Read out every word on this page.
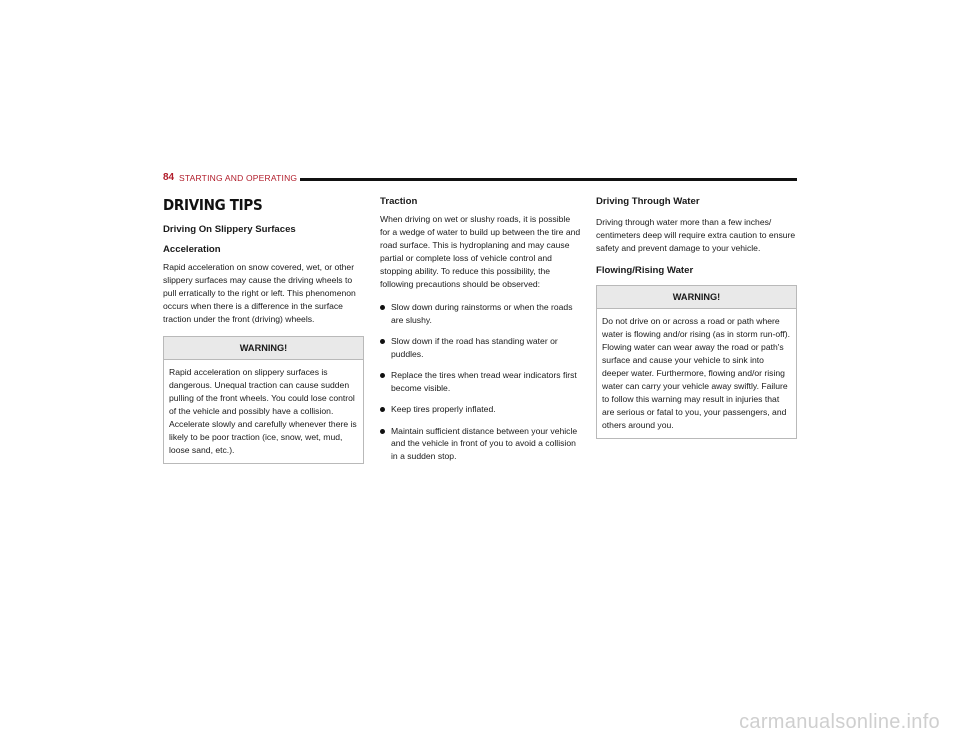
84 STARTING AND OPERATING
DRIVING TIPS
Driving On Slippery Surfaces
Acceleration

Rapid acceleration on snow covered, wet, or other slippery surfaces may cause the driving wheels to pull erratically to the right or left. This phenomenon occurs when there is a difference in the surface traction under the front (driving) wheels.

WARNING!
Rapid acceleration on slippery surfaces is dangerous. Unequal traction can cause sudden pulling of the front wheels. You could lose control of the vehicle and possibly have a collision. Accelerate slowly and carefully whenever there is likely to be poor traction (ice, snow, wet, mud, loose sand, etc.).
Traction

When driving on wet or slushy roads, it is possible for a wedge of water to build up between the tire and road surface. This is hydroplaning and may cause partial or complete loss of vehicle control and stopping ability. To reduce this possibility, the following precautions should be observed:

Slow down during rainstorms or when the roads are slushy.
Slow down if the road has standing water or puddles.
Replace the tires when tread wear indicators first become visible.
Keep tires properly inflated.
Maintain sufficient distance between your vehicle and the vehicle in front of you to avoid a collision in a sudden stop.
Driving Through Water

Driving through water more than a few inches/ centimeters deep will require extra caution to ensure safety and prevent damage to your vehicle.

Flowing/Rising Water
WARNING!
Do not drive on or across a road or path where water is flowing and/or rising (as in storm run-off). Flowing water can wear away the road or path's surface and cause your vehicle to sink into deeper water. Furthermore, flowing and/or rising water can carry your vehicle away swiftly. Failure to follow this warning may result in injuries that are serious or fatal to you, your passengers, and others around you.
carmanualsonline.info
